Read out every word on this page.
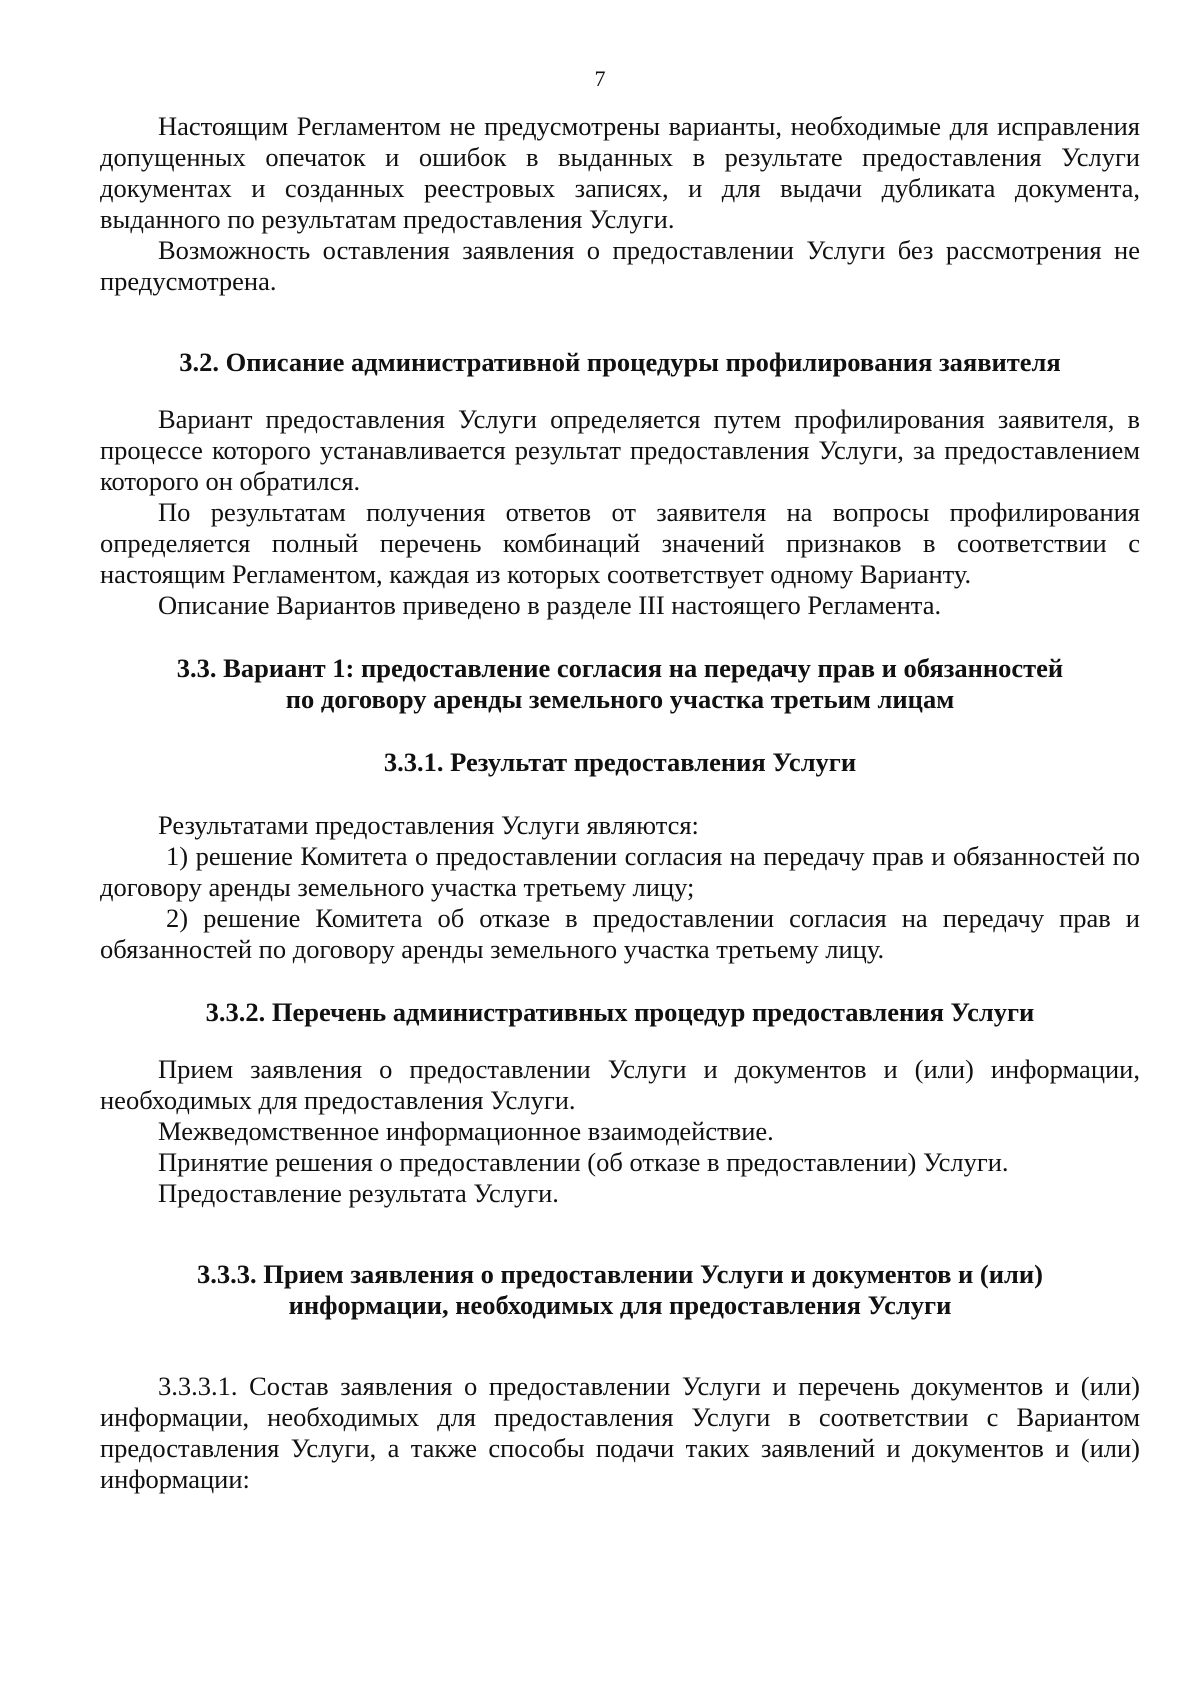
7

Настоящим Регламентом не предусмотрены варианты, необходимые для исправления допущенных опечаток и ошибок в выданных в результате предоставления Услуги документах и созданных реестровых записях, и для выдачи дубликата документа, выданного по результатам предоставления Услуги.

Возможность оставления заявления о предоставлении Услуги без рассмотрения не предусмотрена.

3.2. Описание административной процедуры профилирования заявителя

Вариант предоставления Услуги определяется путем профилирования заявителя, в процессе которого устанавливается результат предоставления Услуги, за предоставлением которого он обратился.

По результатам получения ответов от заявителя на вопросы профилирования определяется полный перечень комбинаций значений признаков в соответствии с настоящим Регламентом, каждая из которых соответствует одному Варианту.

Описание Вариантов приведено в разделе III настоящего Регламента.

3.3. Вариант 1: предоставление согласия на передачу прав и обязанностей
по договору аренды земельного участка третьим лицам
3.3.1. Результат предоставления Услуги

Результатами предоставления Услуги являются:

1) решение Комитета о предоставлении согласия на передачу прав и обязанностей по договору аренды земельного участка третьему лицу;

2) решение Комитета об отказе в предоставлении согласия на передачу прав и обязанностей по договору аренды земельного участка третьему лицу.

3.3.2. Перечень административных процедур предоставления Услуги

Прием заявления о предоставлении Услуги и документов и (или) информации, необходимых для предоставления Услуги.

Межведомственное информационное взаимодействие.

Принятие решения о предоставлении (об отказе в предоставлении) Услуги.

Предоставление результата Услуги.

3.3.3. Прием заявления о предоставлении Услуги и документов и (или)
информации, необходимых для предоставления Услуги

3.3.3.1. Состав заявления о предоставлении Услуги и перечень документов и (или) информации, необходимых для предоставления Услуги в соответствии с Вариантом предоставления Услуги, а также способы подачи таких заявлений и документов и (или) информации:
